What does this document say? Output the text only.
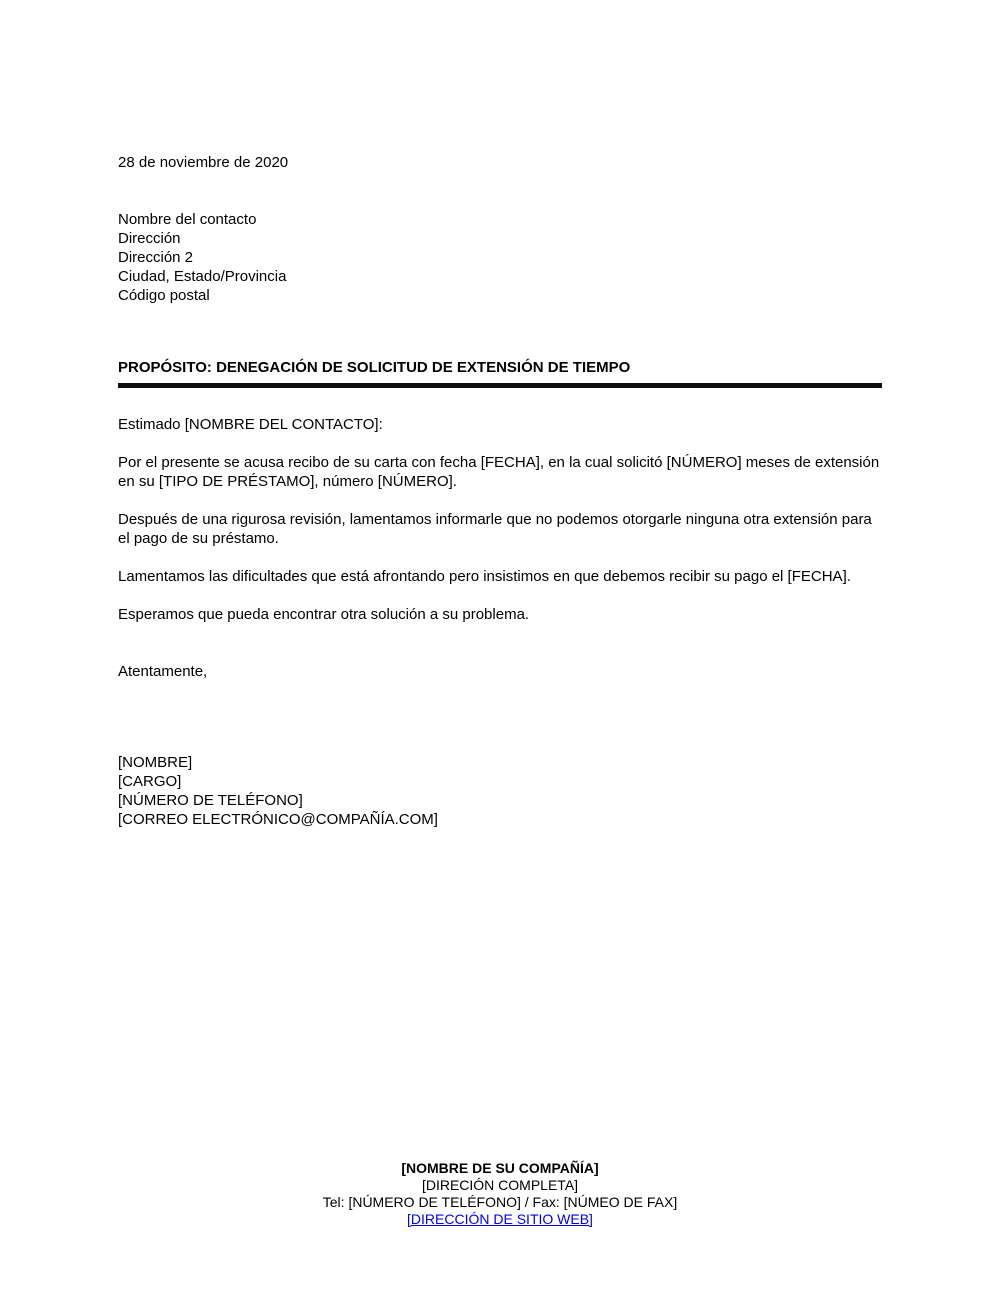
28 de noviembre de 2020
Nombre del contacto
Dirección
Dirección 2
Ciudad, Estado/Provincia
Código postal
PROPÓSITO: DENEGACIÓN DE SOLICITUD DE EXTENSIÓN DE TIEMPO
Estimado [NOMBRE DEL CONTACTO]:
Por el presente se acusa recibo de su carta con fecha [FECHA], en la cual solicitó [NÚMERO] meses de extensión en su [TIPO DE PRÉSTAMO], número [NÚMERO].
Después de una rigurosa revisión, lamentamos informarle que no podemos otorgarle ninguna otra extensión para el pago de su préstamo.
Lamentamos las dificultades que está afrontando pero insistimos en que debemos recibir su pago el [FECHA].
Esperamos que pueda encontrar otra solución a su problema.
Atentamente,
[NOMBRE]
[CARGO]
[NÚMERO DE TELÉFONO]
[CORREO ELECTRÓNICO@COMPAÑÍA.COM]
[NOMBRE DE SU COMPAÑÍA]
[DIRECIÓN COMPLETA]
Tel: [NÚMERO DE TELÉFONO] / Fax: [NÚMEO DE FAX]
[DIRECCIÓN DE SITIO WEB]
